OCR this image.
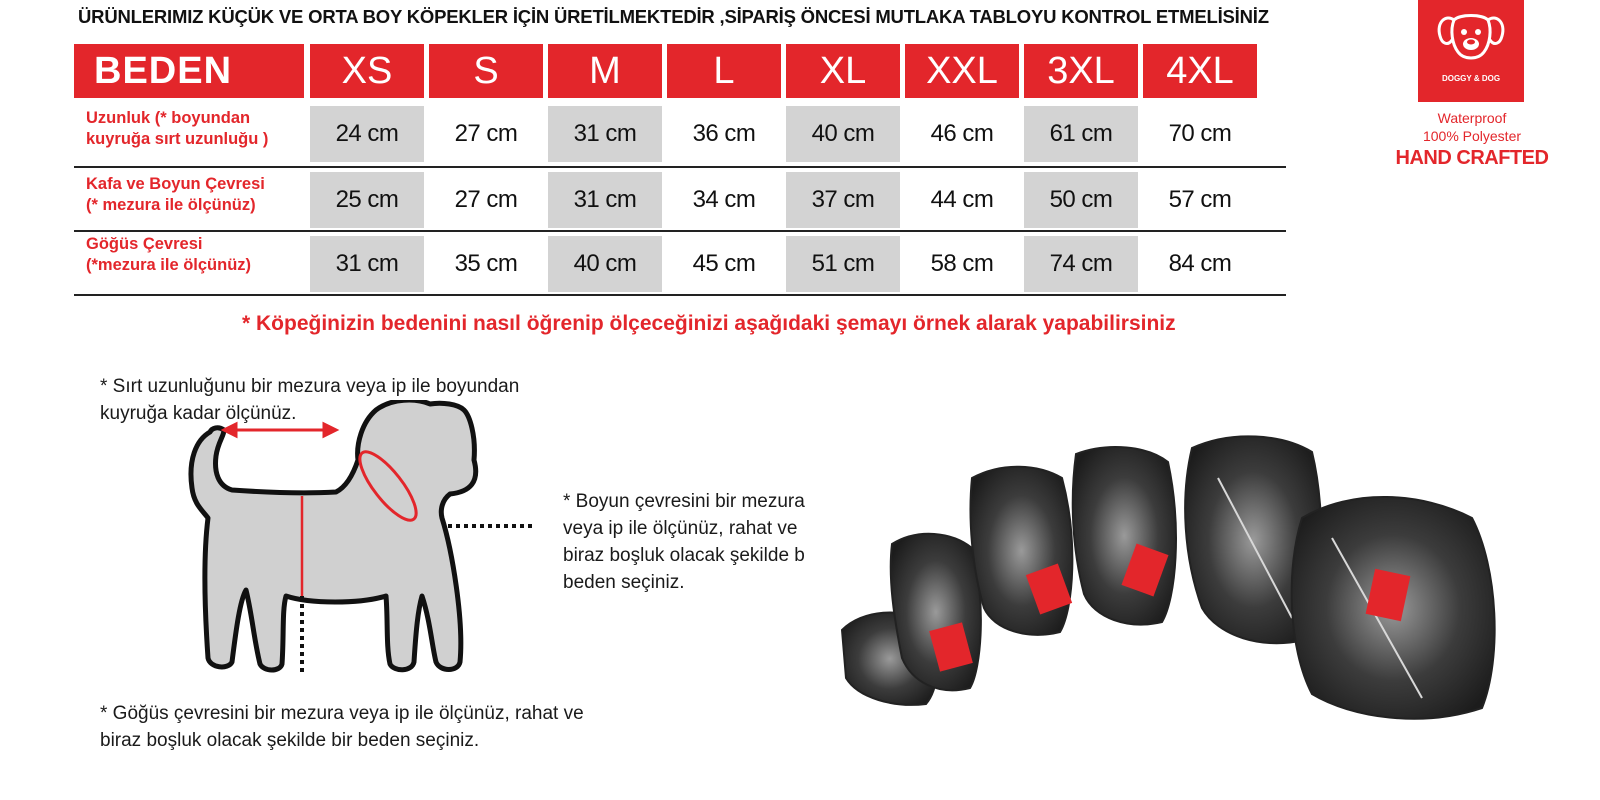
ÜRÜNLERIMIZ KÜÇÜK VE ORTA BOY KÖPEKLER İÇİN ÜRETİLMEKTEDİR ,SİPARİŞ ÖNCESİ MUTLAKA TABLOYU KONTROL ETMELİSİNİZ
BEDEN	XS	S	M	L	XL	XXL	3XL	4XL
Uzunluk (* boyundan
kuyruğa sırt uzunluğu )	24 cm	27 cm	31 cm	36 cm	40 cm	46 cm	61 cm	70 cm
Kafa ve Boyun Çevresi
(* mezura ile ölçünüz)	25 cm	27 cm	31 cm	34 cm	37 cm	44 cm	50 cm	57 cm
Göğüs Çevresi
(*mezura ile ölçünüz)	31 cm	35 cm	40 cm	45 cm	51 cm	58 cm	74 cm	84 cm
* Köpeğinizin bedenini nasıl öğrenip ölçeceğinizi aşağıdaki şemayı örnek alarak yapabilirsiniz
DOGGY & DOG
Waterproof
100% Polyester
HAND CRAFTED
* Sırt uzunluğunu bir mezura veya ip ile boyundan
kuyruğa kadar ölçünüz.
* Boyun çevresini bir mezura
veya ip ile ölçünüz, rahat ve
biraz boşluk olacak şekilde b
beden seçiniz.
* Göğüs çevresini bir mezura veya ip ile ölçünüz, rahat ve
biraz boşluk olacak şekilde bir beden seçiniz.
